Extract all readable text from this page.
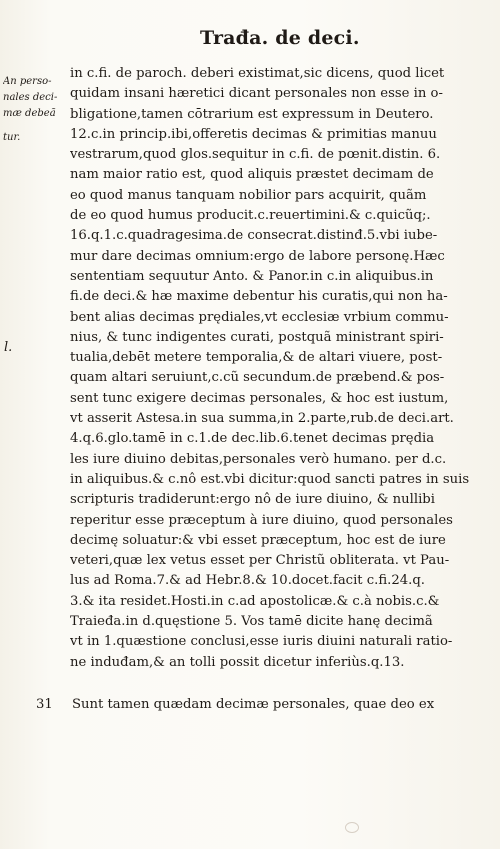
Trađa. de deci.
An perso-
nales deci-
mæ debeã
tur.
l.
in c.fi. de paroch. deberi existimat,sic dicens, quod licet
quidam insani hæretici dicant personales non esse in o-
bligatione,tamen cōtrarium est expressum in Deutero.
12.c.in princip.ibi,offeretis decimas & primitias manuu
vestrarum,quod glos.sequitur in c.fi. de pœnit.distin. 6.
nam maior ratio est, quod aliquis præstet decimam de
eo quod manus tanquam nobilior pars acquirit, quãm
de eo quod humus producit.c.reuertimini.& c.quicũq;.
16.q.1.c.quadragesima.de consecrat.distinđ.5.vbi iube-
mur dare decimas omnium:ergo de labore personę.Hæc
sententiam sequutur Anto. & Panor.in c.in aliquibus.in
fi.de deci.& hæ maxime debentur his curatis,qui non ha-
bent alias decimas prędiales,vt ecclesiæ vrbium commu-
nius, & tunc indigentes curati, postquã ministrant spiri-
tualia,debēt metere temporalia,& de altari viuere, post-
quam altari seruiunt,c.cũ secundum.de præbend.& pos-
sent tunc exigere decimas personales, & hoc est iustum,
vt asserit Astesa.in sua summa,in 2.parte,rub.de deci.art.
4.q.6.glo.tamē in c.1.de dec.lib.6.tenet decimas prędia
les iure diuino debitas,personales verò humano. per d.c.
in aliquibus.& c.nô est.vbi dicitur:quod sancti patres in suis
scripturis tradiderunt:ergo nô de iure diuino, & nullibi
reperitur esse præceptum à iure diuino, quod personales
decimę soluatur:& vbi esset præceptum, hoc est de iure
veteri,quæ lex vetus esset per Christũ obliterata. vt Pau-
lus ad Roma.7.& ad Hebr.8.& 10.docet.facit c.fi.24.q.
3.& ita residet.Hosti.in c.ad apostolicæ.& c.à nobis.c.&
Traieđa.in d.quęstione 5. Vos tamē dicite hanę decimã
vt in 1.quæstione conclusi,esse iuris diuini naturali ratio-
ne induđam,& an tolli possit dicetur inferiùs.q.13.
31 Sunt tamen quædam decimæ personales, quae deo ex
